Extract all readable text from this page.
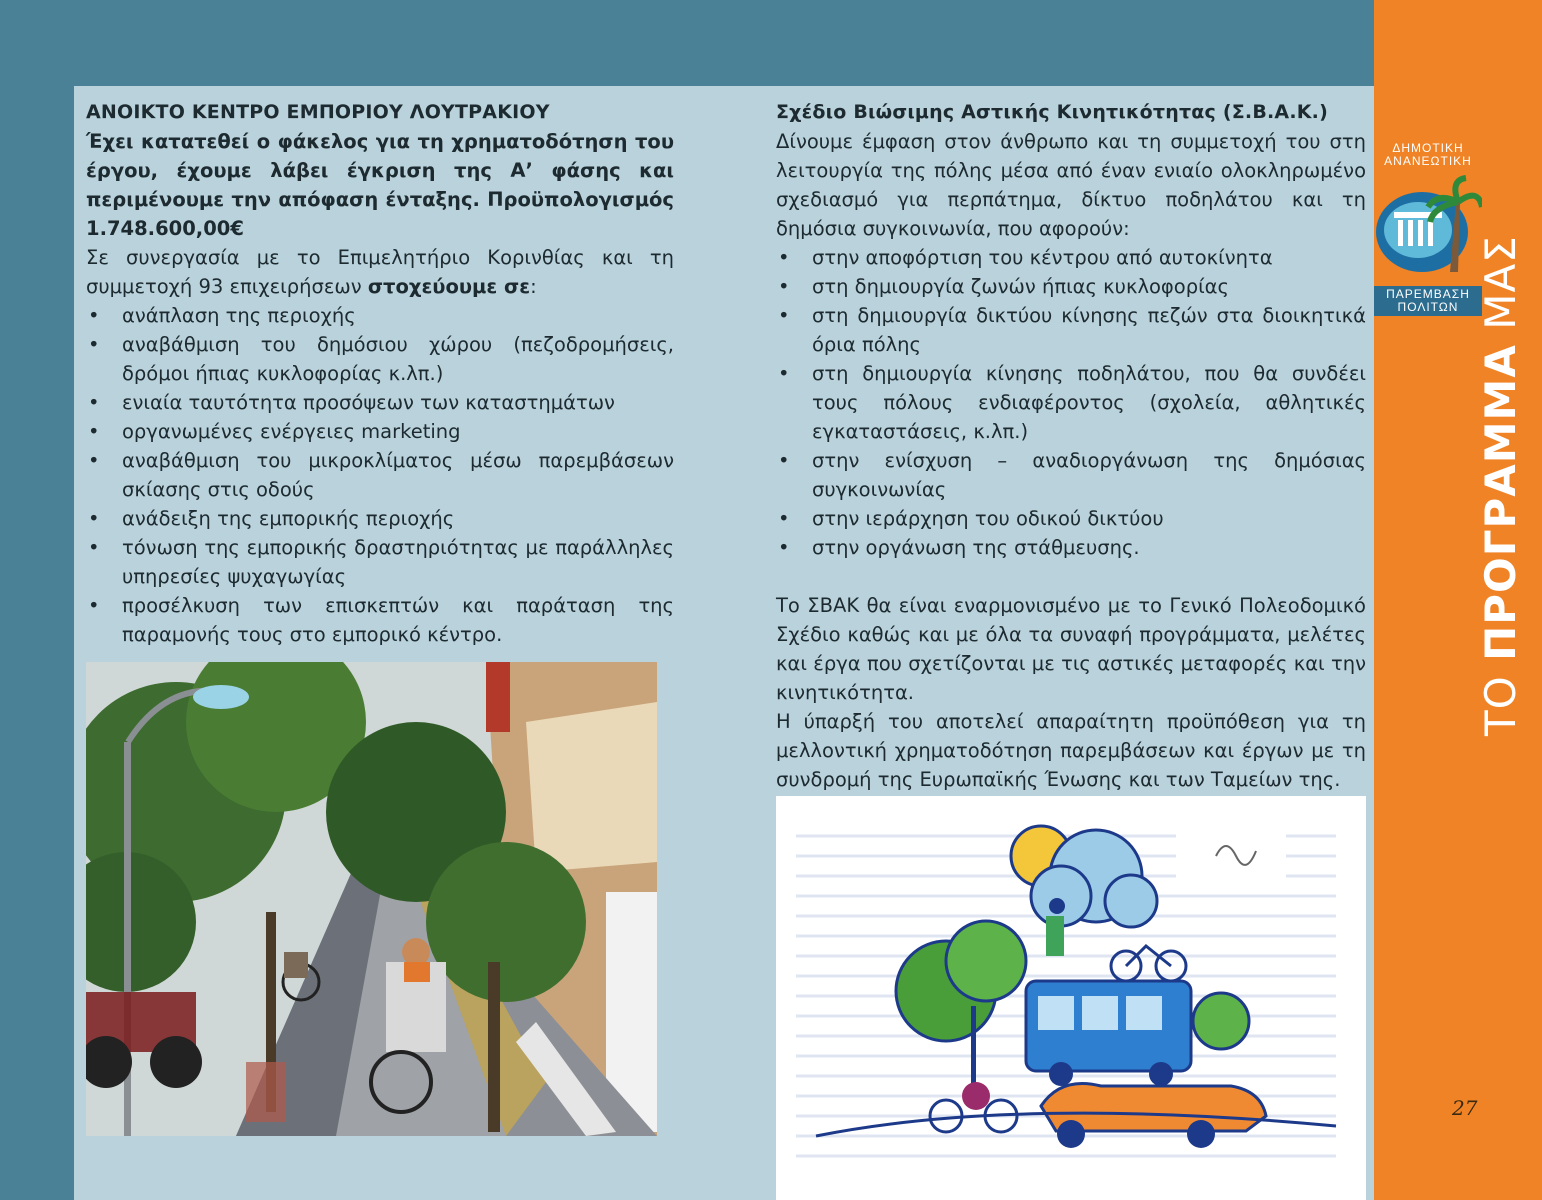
ΑΝΟΙΚΤΟ ΚΕΝΤΡΟ ΕΜΠΟΡΙΟΥ ΛΟΥΤΡΑΚΙΟΥ

Έχει κατατεθεί ο φάκελος για τη χρηματοδότηση του έργου, έχουμε λάβει έγκριση της Α’ φάσης και περιμένουμε την απόφαση ένταξης. Προϋπολογισμός 1.748.600,00€

Σε συνεργασία με το Επιμελητήριο Κορινθίας και τη συμμετοχή 93 επιχειρήσεων στοχεύουμε σε:

• ανάπλαση της περιοχής
• αναβάθμιση του δημόσιου χώρου (πεζοδρομήσεις, δρόμοι ήπιας κυκλοφορίας κ.λπ.)
• ενιαία ταυτότητα προσόψεων των καταστημάτων
• οργανωμένες ενέργειες marketing
• αναβάθμιση του μικροκλίματος μέσω παρεμβάσεων σκίασης στις οδούς
• ανάδειξη της εμπορικής περιοχής
• τόνωση της εμπορικής δραστηριότητας με παράλληλες υπηρεσίες ψυχαγωγίας
• προσέλκυση των επισκεπτών και παράταση της παραμονής τους στο εμπορικό κέντρο.
Σχέδιο Βιώσιμης Αστικής Κινητικότητας (Σ.Β.Α.Κ.)

Δίνουμε έμφαση στον άνθρωπο και τη συμμετοχή του στη λειτουργία της πόλης μέσα από έναν ενιαίο ολοκληρωμένο σχεδιασμό για περπάτημα, δίκτυο ποδηλάτου και τη δημόσια συγκοινωνία, που αφορούν:

• στην αποφόρτιση του κέντρου από αυτοκίνητα
• στη δημιουργία ζωνών ήπιας κυκλοφορίας
• στη δημιουργία δικτύου κίνησης πεζών στα διοικητικά όρια πόλης
• στη δημιουργία κίνησης ποδηλάτου, που θα συνδέει τους πόλους ενδιαφέροντος (σχολεία, αθλητικές εγκαταστάσεις, κ.λπ.)
• στην ενίσχυση – αναδιοργάνωση της δημόσιας συγκοινωνίας
• στην ιεράρχηση του οδικού δικτύου
• στην οργάνωση της στάθμευσης.

Το ΣΒΑΚ θα είναι εναρμονισμένο με το Γενικό Πολεοδομικό Σχέδιο καθώς και με όλα τα συναφή προγράμματα, μελέτες και έργα που σχετίζονται με τις αστικές μεταφορές και την κινητικότητα.

Η ύπαρξή του αποτελεί απαραίτητη προϋπόθεση για τη μελλοντική χρηματοδότηση παρεμβάσεων και έργων με τη συνδρομή της Ευρωπαϊκής Ένωσης και των Ταμείων της.

ΔΗΜΟΤΙΚΗ
ΑΝΑΝΕΩΤΙΚΗ
ΠΑΡΕΜΒΑΣΗ
ΠΟΛΙΤΩΝ
ΤΟ ΠΡΟΓΡΑΜΜΑ ΜΑΣ
27
